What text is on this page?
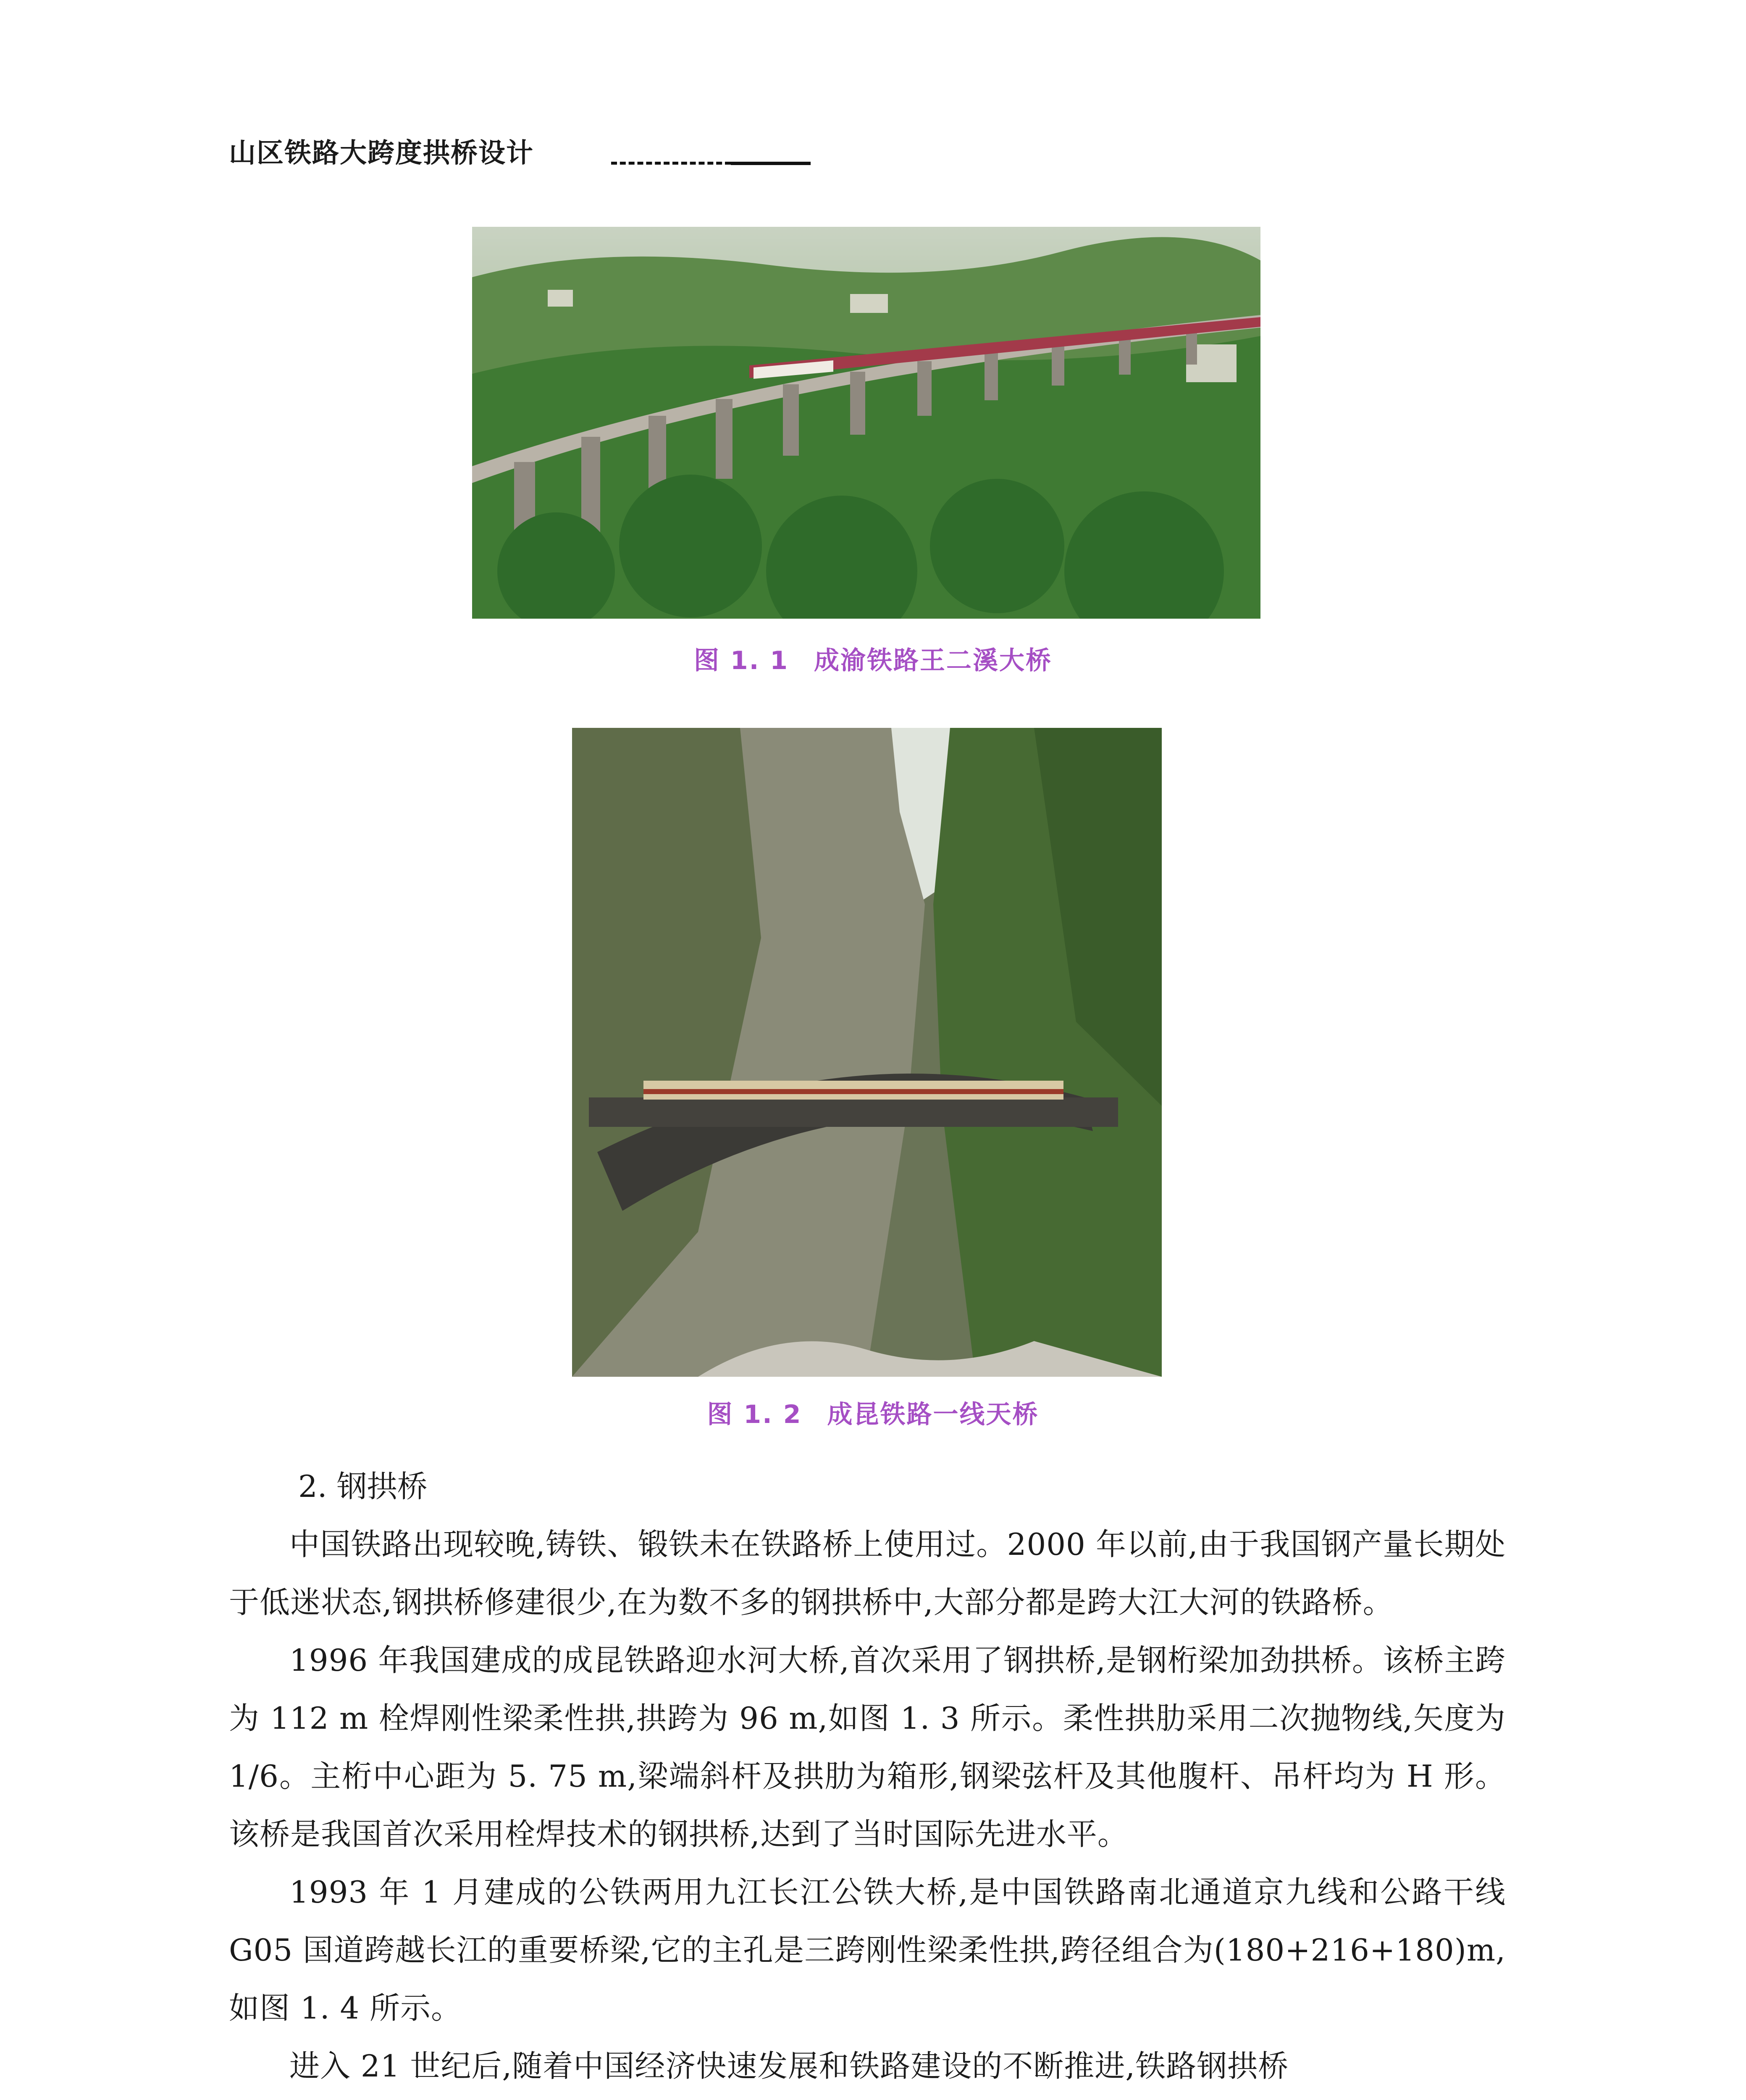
山区铁路大跨度拱桥设计
图 1. 1 成渝铁路王二溪大桥
图 1. 2 成昆铁路一线天桥

2. 钢拱桥

中国铁路出现较晚,铸铁、锻铁未在铁路桥上使用过。2000 年以前,由于我国钢产量长期处于低迷状态,钢拱桥修建很少,在为数不多的钢拱桥中,大部分都是跨大江大河的铁路桥。

1996 年我国建成的成昆铁路迎水河大桥,首次采用了钢拱桥,是钢桁梁加劲拱桥。该桥主跨为 112 m 栓焊刚性梁柔性拱,拱跨为 96 m,如图 1. 3 所示。柔性拱肋采用二次抛物线,矢度为 1/6。主桁中心距为 5. 75 m,梁端斜杆及拱肋为箱形,钢梁弦杆及其他腹杆、吊杆均为 H 形。该桥是我国首次采用栓焊技术的钢拱桥,达到了当时国际先进水平。

1993 年 1 月建成的公铁两用九江长江公铁大桥,是中国铁路南北通道京九线和公路干线 G05 国道跨越长江的重要桥梁,它的主孔是三跨刚性梁柔性拱,跨径组合为(180+216+180)m,如图 1. 4 所示。

进入 21 世纪后,随着中国经济快速发展和铁路建设的不断推进,铁路钢拱桥
